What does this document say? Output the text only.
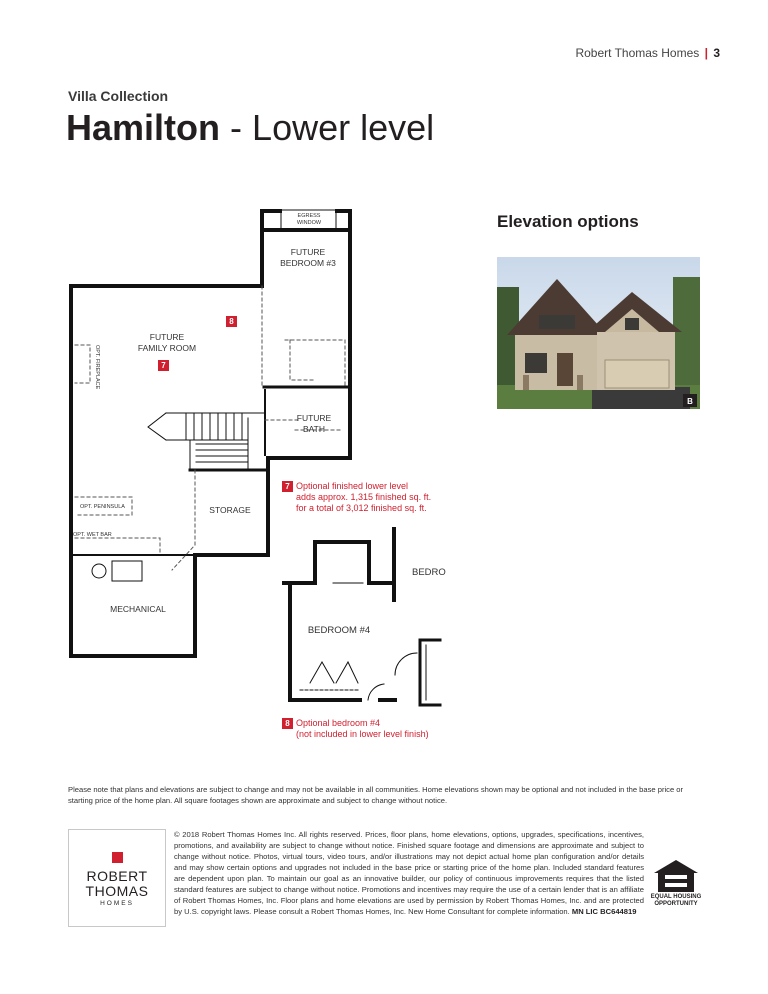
Robert Thomas Homes | 3
Villa Collection
Hamilton - Lower level
EGRESS
WINDOW
FUTURE
BEDROOM #3
FUTURE
FAMILY ROOM
OPT. FIREPLACE
FUTURE
BATH
STORAGE
OPT. PENINSULA
OPT. WET BAR
MECHANICAL
BEDROOM #4
BEDRO
8
7
7 Optional finished lower level
adds approx. 1,315 finished sq. ft.
for a total of 3,012 finished sq. ft.
8 Optional bedroom #4
(not included in lower level finish)
Elevation options
B
Please note that plans and elevations are subject to change and may not be available in all communities. Home elevations shown may be optional and not included in the base price or starting price of the home plan. All square footages shown are approximate and subject to change without notice.
ROBERT
THOMAS
HOMES
© 2018 Robert Thomas Homes Inc. All rights reserved. Prices, floor plans, home elevations, options, upgrades, specifications, incentives, promotions, and availability are subject to change without notice. Finished square footage and dimensions are approximate and subject to change without notice. Photos, virtual tours, video tours, and/or illustrations may not depict actual home plan configuration and/or details and may show certain options and upgrades not included in the base price or starting price of the home plan. Included standard features are dependent upon plan. To maintain our goal as an innovative builder, our policy of continuous improvements requires that the listed standard features are subject to change without notice. Promotions and incentives may require the use of a certain lender that is an affiliate of Robert Thomas Homes, Inc. Floor plans and home elevations are used by permission by Robert Thomas Homes, Inc. and are protected by U.S. copyright laws. Please consult a Robert Thomas Homes, Inc. New Home Consultant for complete information. MN LIC BC644819
EQUAL HOUSING
OPPORTUNITY
